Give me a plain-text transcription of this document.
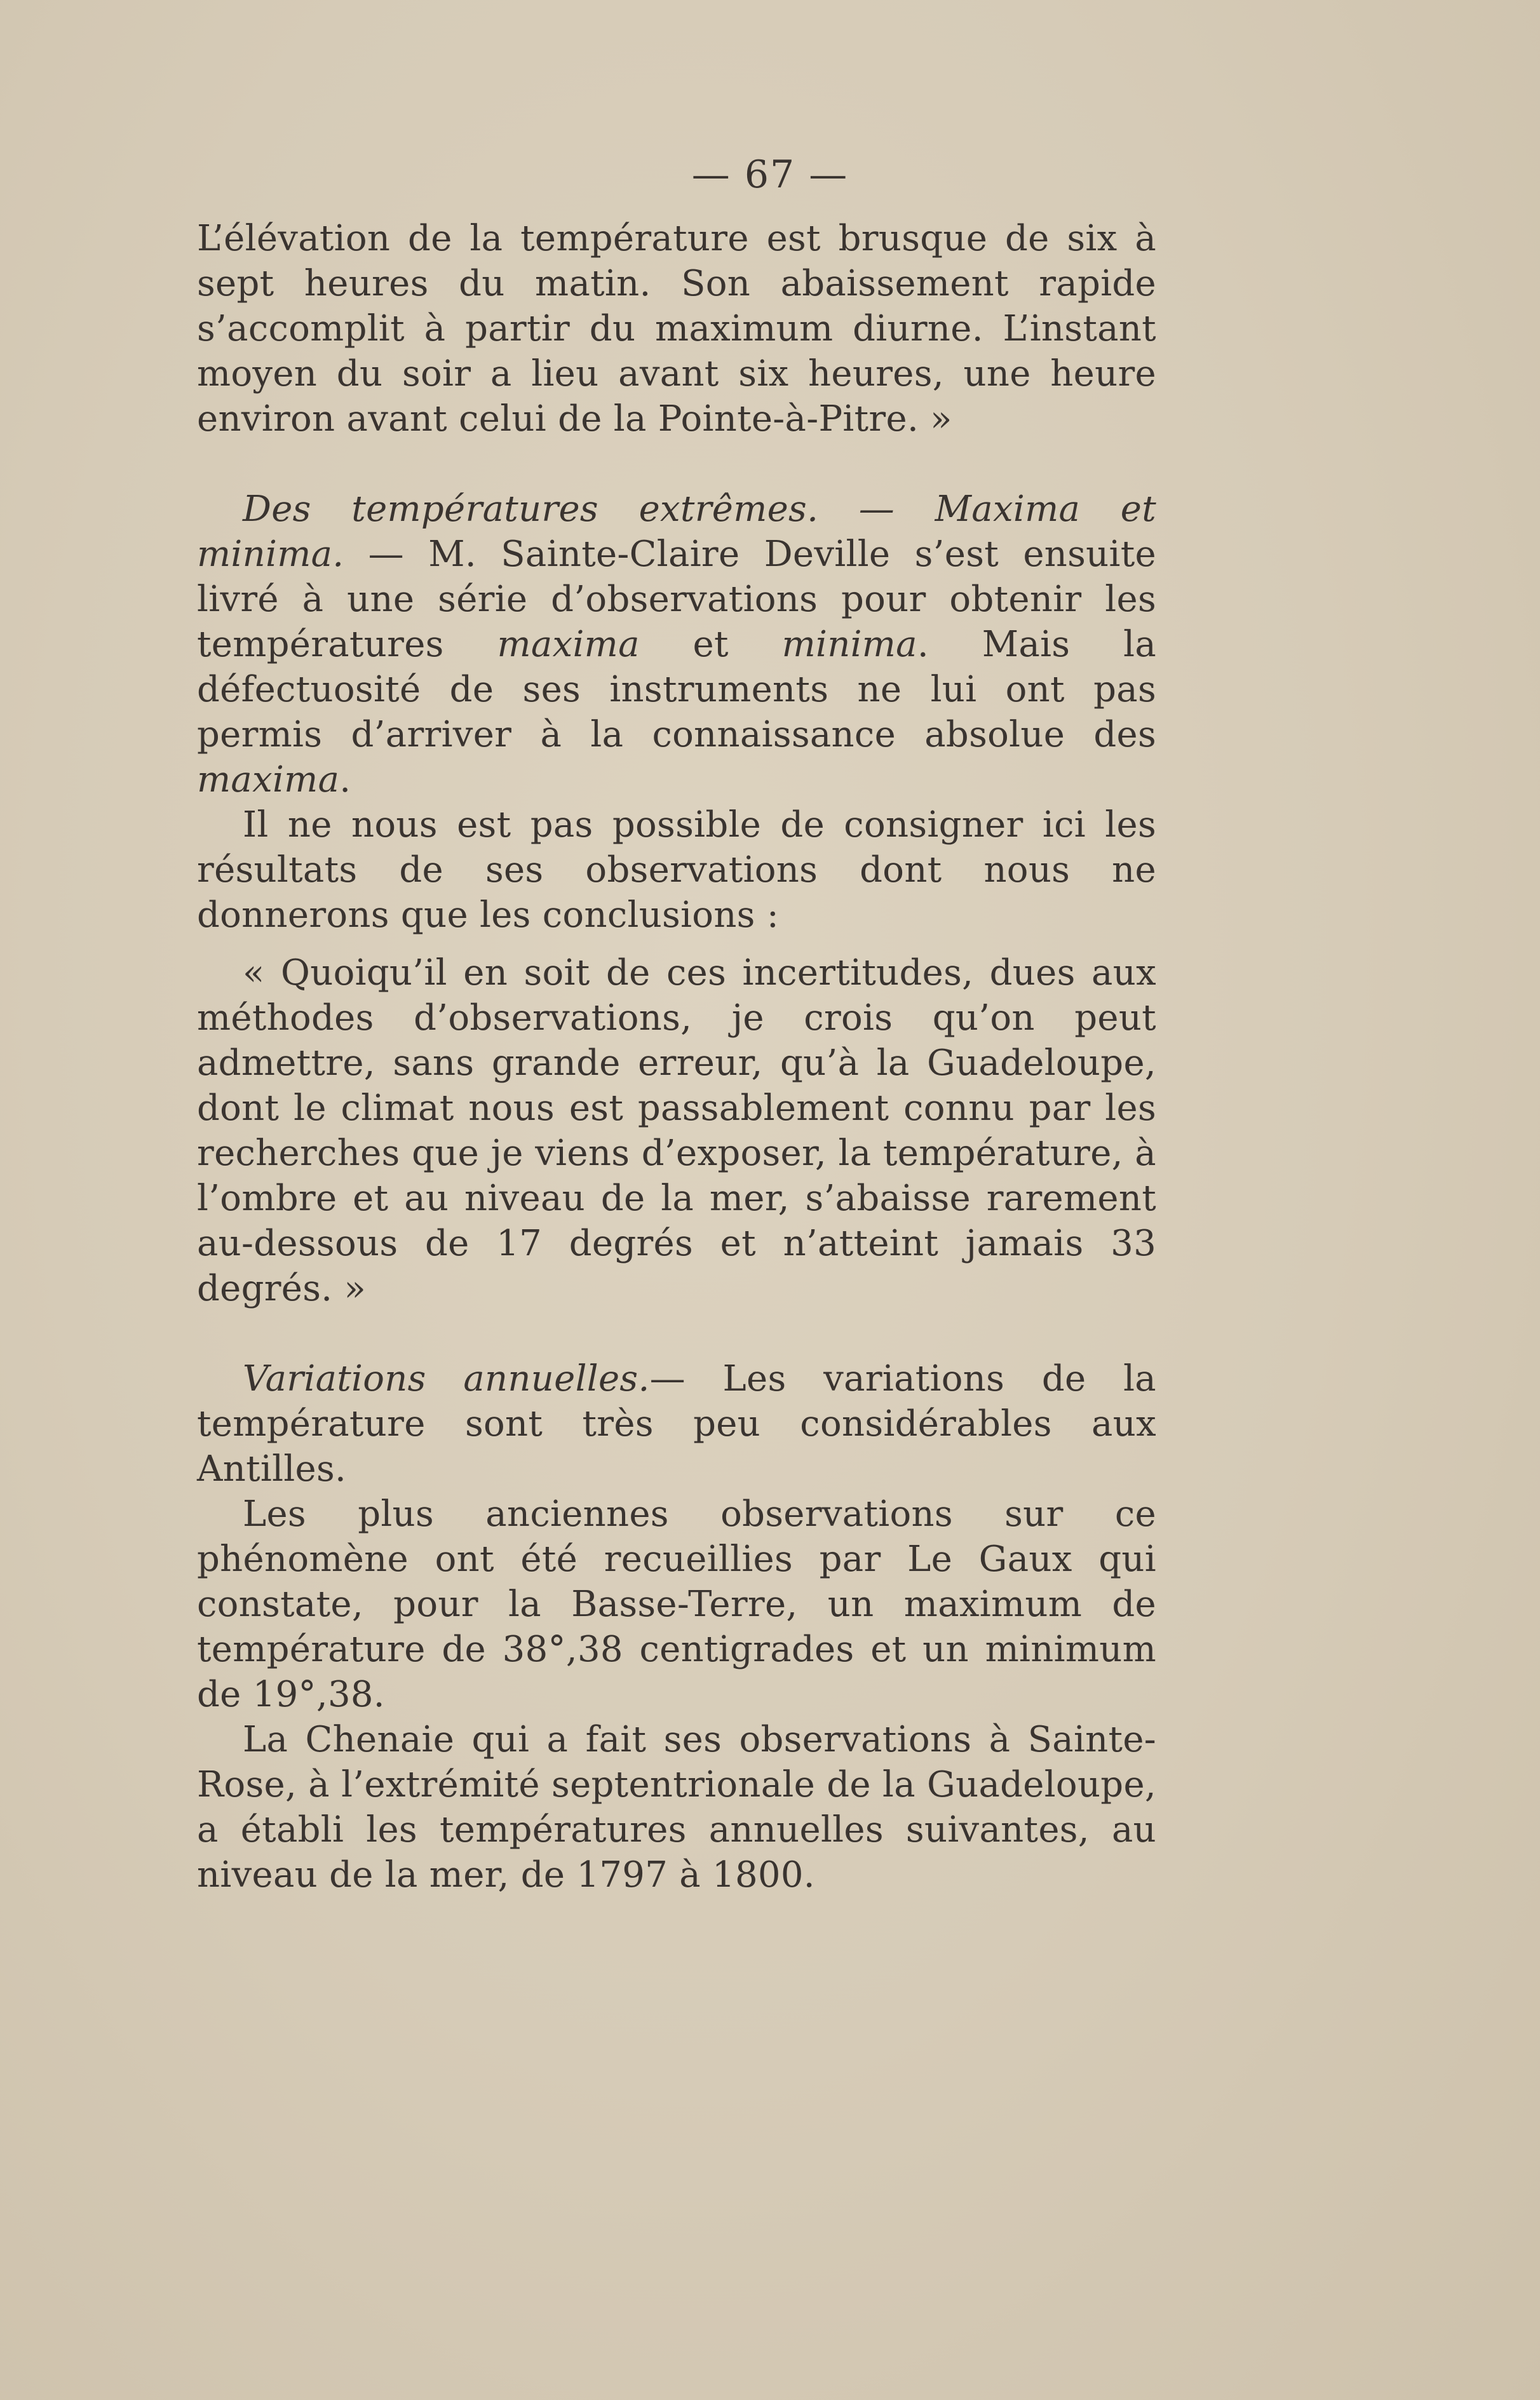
— 67 —

L’élévation de la température est brusque de six à sept heures du matin. Son abaissement rapide s’accomplit à partir du maximum diurne. L’instant moyen du soir a lieu avant six heures, une heure environ avant celui de la Pointe-à-Pitre. »

Des températures extrêmes. — Maxima et minima. — M. Sainte-Claire Deville s’est ensuite livré à une série d’observations pour obtenir les températures maxima et minima. Mais la défectuosité de ses instruments ne lui ont pas permis d’arriver à la connaissance absolue des maxima.

Il ne nous est pas possible de consigner ici les résultats de ses observations dont nous ne donnerons que les conclusions :

« Quoiqu’il en soit de ces incertitudes, dues aux méthodes d’observations, je crois qu’on peut admettre, sans grande erreur, qu’à la Guadeloupe, dont le climat nous est passablement connu par les recherches que je viens d’exposer, la température, à l’ombre et au niveau de la mer, s’abaisse rarement au-dessous de 17 degrés et n’atteint jamais 33 degrés. »

Variations annuelles.— Les variations de la température sont très peu considérables aux Antilles.

Les plus anciennes observations sur ce phénomène ont été recueillies par Le Gaux qui constate, pour la Basse-Terre, un maximum de température de 38°,38 centigrades et un minimum de 19°,38.

La Chenaie qui a fait ses observations à Sainte-Rose, à l’extrémité septentrionale de la Guadeloupe, a établi les températures annuelles suivantes, au niveau de la mer, de 1797 à 1800.
